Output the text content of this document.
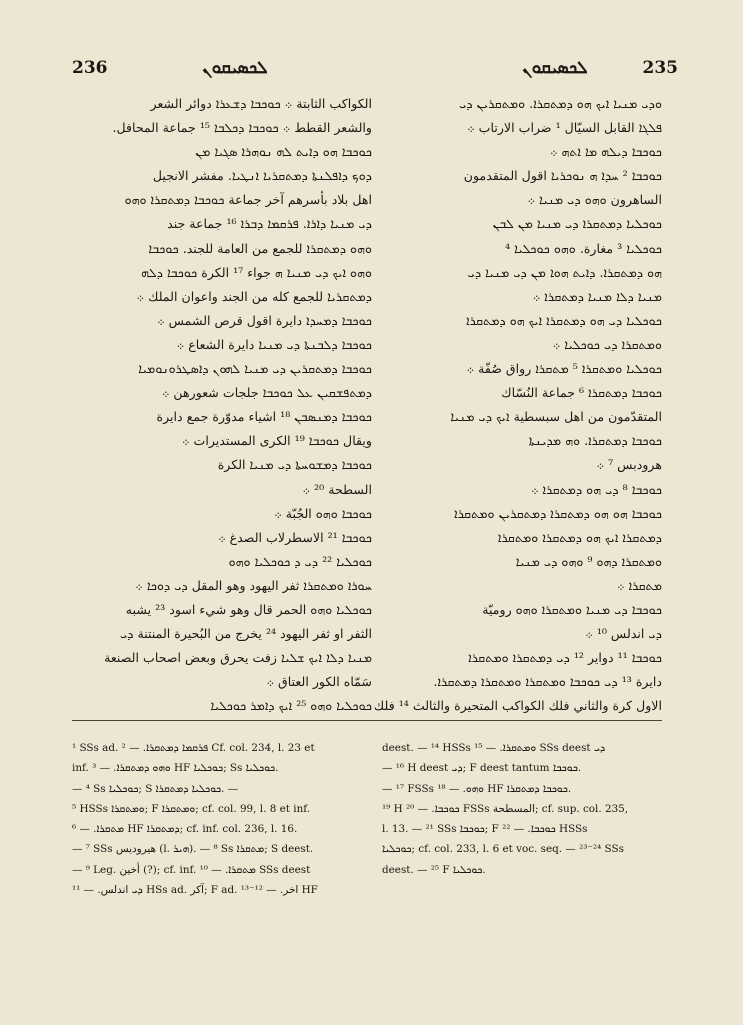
236	ܠܟܣܝܩܘܢ	ܠܟܣܝܩܘܢ	235
الكواكب الثابتة ܀ ܟܘܟܒܐ ܕܫܥܪܐ دوائر الشعر
والشعر القطط ܀ ܟܘܟܒܐ ܕܟܠܒܐ ¹⁵ جماعة المحافل.
ܟܘܟܒܐ ܗܘ ܕܐܝܬ ܠܗ ܢܘܗܪܐ ܣܓܝܐ ܡܢ
ܕܘܟ ܕܐܦܠܢܬܐ ܕܡܬܩܪܝܐ ܐܢܛܝܐ. مفشر الانجيل
اهل بلاد بأسرهم آخر جماعة ܟܘܟܒܐ ܕܡܬܩܪܐ ܘܗܘ
ܕܝ ܡܢܝܐ ܕܐܪܐ. ܦܪܩܡܐ ܕܒܪܐ ¹⁶ جماعة جند
ܘܗܘ ܕܡܬܩܪܐ للجمع من العامة للجند. ܟܘܟܒܐ
ܘܗܘ ܐܝܟ ܕܝ ܡܢܝܐ ܗ جواء ¹⁷ الكرة ܟܘܟܒܐ ܕܠܗ
ܕܡܬܩܪܝܐ للجمع كله من الجند واعوان الملك ܀
ܟܘܟܒܐ ܕܡܚܕܐ دايرة اقول قرص الشمس ܀
ܟܘܟܒܐ ܕܠܒܢܬܐ ܕܝ ܡܢܝܐ دايرة الشعاع ܀
ܟܘܟܒܐ ܕܡܬܩܪܝܢ ܕܝ ܡܢܝܐ ܠܗܘܢ ܕܐܣܛܪܘܢܘܡܝܐ
ܕܡܬܦܫܩܝܢ ܥܠ ܟܘܟܒܐ جلجات شعورهن ܀
ܟܘܟܒܐ ܕܡܢܣܒܢ ¹⁸ اشياء مدوّرة جمع دايرة
ويقال ܟܘܟܒܐ ¹⁹ الكرى المستديرات ܀
ܟܘܟܒܐ ܕܡܫܘܚܬܐ ܕܝ ܡܢܝܐ الكرة
السطحة ²⁰ ܀
ܟܘܟܒܐ ܘܗܘ الجُبّة ܀
ܟܘܟܒܐ ²¹ الاسطرلاب الصدغ ܀
ܟܘܟܠܝܐ ²² ܕܝ ܕ ܟܘܟܠܝܐ ܘܗܘ
ܚܘܪܐ ܘܡܬܩܪܐ ثفر اليهود وهو المقل ܕܝ ܕܘܟܐ ܀
ܟܘܟܠܝܐ ܘܗܘ الحمر قال وهو شيء اسود ²³ يشبه
الثفر او ثفر اليهود ²⁴ يخرج من البُحيرة المنتنة ܕܝ
ܡܢܝܐ ܕܠܐ ܐܝܟ ܫܠܝܐ زفت يحرق وبعض اصحاب الصنعة
سَمّاه الكور العتاق ܀
ܟܘܟܠܝܐ ܘܗܘ ²⁵ ܐܝܟ ܕܐܡܪ ܟܘܟܠܝܐ
ܘܕܝ ܡܢܝܐ ܐܝܟ ܗܘ ܕܡܬܩܪܐ. ܘܡܬܩܪܝܢ ܕܝ
ܦܠܓܐ القابل السيّال ¹ ضراب الارتاب ܀
ܟܘܟܒܐ ܕܝܠܗ ܡܐ ܐܬܗ ܀
ܟܘܟܒܐ ² ܚܕܐ ܗ ܢܘܟܪܝܐ اقول المتقدمون
الساهرون ܘܗܘ ܕܝ ܡܢܝܐ ܀
ܟܘܟܠܝܐ ܕܡܬܩܪܐ ܕܝ ܡܢܝܐ ܡܢ ܠܒܢ
ܟܘܟܠܝܐ ³ مغارة. ܘܗܘ ܟܘܟܠܝܐ ⁴
ܗܘ ܕܡܬܩܪܐ. ܕܐܝܬ ܗܘܐ ܡܢ ܕܝ ܡܢܝܐ ܕܝ
ܡܢܝܐ ܕܠܐ ܡܢܝܐ ܕܡܬܩܪܐ ܀
ܟܘܟܠܝܐ ܕܝ ܗܘ ܕܡܬܩܪܐ ܐܝܟ ܗܘ ܕܡܬܩܪܐ
ܘܡܬܩܪܐ ܕܝ ܟܘܟܠܝܐ ܀
ܟܘܟܠܝܐ ܘܡܬܩܪܐ ⁵ ܡܬܩܪܐ رواق صُفّة ܀
ܟܘܟܒܐ ܕܡܬܩܪܐ ⁶ جماعة النُسّاك
المتقدّمون من اهل سبسطية ܐܝܟ ܕܝ ܡܢܝܐ
ܟܘܟܒܐ ܕܡܬܩܪܐ. ܘܗ ܡܕܝܢܬܐ
هرودبس ⁷ ܀
ܟܘܟܒܐ ⁸ ܕܝ ܗܘ ܕܡܬܩܪܐ ܀
ܟܘܟܒܐ ܗܘ ܗܘ ܕܡܬܩܪܐ ܕܡܬܩܪܝܢ ܘܡܬܩܪܐ
ܕܡܬܩܪܐ ܐܝܟ ܗܘ ܕܡܬܩܪܐ ܘܡܬܩܪܐ
ܘܡܬܩܪܐ ܕܗܘ ⁹ ܘܗܘ ܕܝ ܡܢܝܐ
ܡܬܩܪܐ ܀
ܟܘܟܒܐ ܕܝ ܡܢܝܐ ܘܡܬܩܪܐ ܘܗܘ روميّة
ܕܝ اندلس ¹⁰ ܀
ܟܘܟܒܐ ¹¹ دواير ¹² ܕܝ ܕܡܬܩܪܐ ܘܡܬܩܪܐ
دايرة ¹³ ܕܝ ܟܘܟܒܐ ܘܡܬܩܪܐ ܘܡܬܩܪܐ ܕܡܬܩܪܐ.
الاول كرة والثاني فلك الكواكب المتحيرة والثالث ¹⁴ فلك
¹ SSs ad. ܦܪܩܡܐ ܕܡܬܩܪܐ. — ² Cf. col. 234, l. 23 et
inf. ܘܗܘ ܕܡܬܩܪܐ. — ³ HF ܟܘܟܠܝܐ; Ss ܟܘܟܠܝܐ.
— ⁴ Ss ܟܘܟܠܝܐ; S ܟܘܟܠܝܐ ܕܡܬܩܪܐ. —
⁵ HSSs ܘܡܬܩܪܐ; F ܘܡܬܩܪܐ; cf. col. 99, l. 8 et inf.
ܡܬܩܪܐ. — ⁶ HF ܕܡܬܩܪܐ; cf. inf. col. 236, l. 16.
— ⁷ SSs هيروديس (l. ܗܝܪ). — ⁸ Ss ܡܬܩܪܐ; S deest.
— ⁹ Leg. أخين (?); cf. inf. ܡܬܩܪܐ. — ¹⁰ SSs deest
ܕܝ اندلس. — ¹¹ HSs ad. آكر; F ad. اخر. — ¹²⁻¹³ HF
deest. — ¹⁴ HSSs ܘܡܬܩܪܐ. — ¹⁵ SSs deest ܕܝ
— ¹⁶ H deest ܕܝ; F deest tantum ܟܘܟܒܐ.
— ¹⁷ FSSs ܘܗܘ. — ¹⁸ HF ܟܘܟܒܐ ܕܡܬܩܪܐ.
¹⁹ H ܟܘܟܒܐ. — ²⁰ FSSs المسطحة; cf. sup. col. 235,
l. 13. — ²¹ SSs ܟܘܟܒܐ; F ܟܘܟܒܐ. — ²² HSSs
ܟܘܟܠܝܐ; cf. col. 233, l. 6 et voc. seq. — ²³⁻²⁴ SSs
deest. — ²⁵ F ܟܘܟܠܝܐ.
